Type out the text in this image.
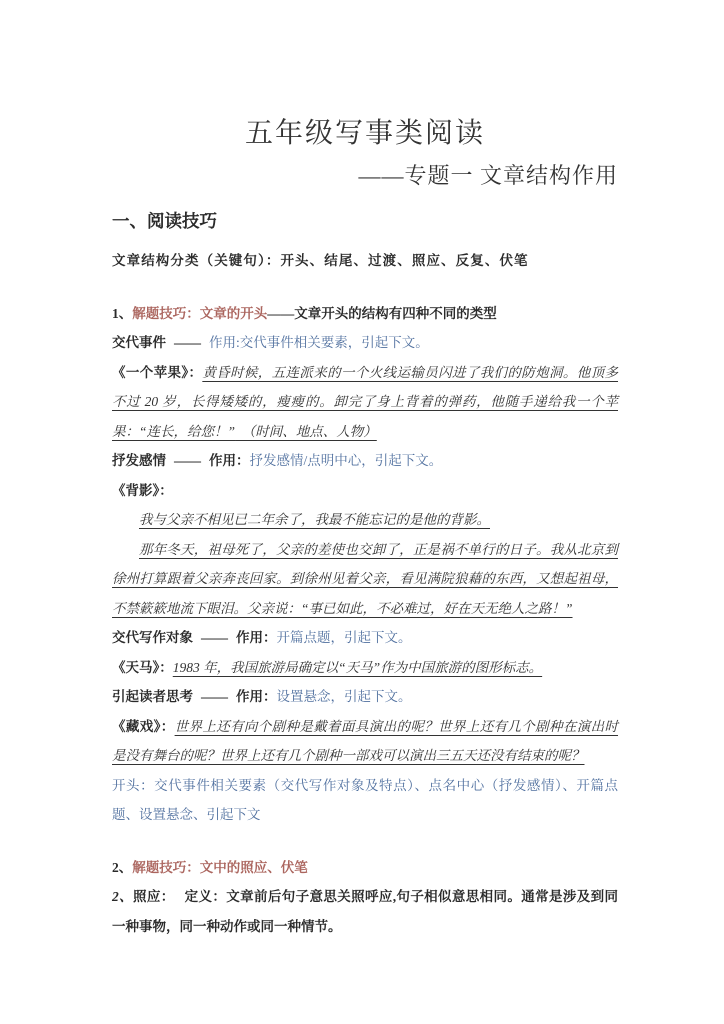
五年级写事类阅读
——专题一 文章结构作用
一、阅读技巧

文章结构分类（关键句）：开头、结尾、过渡、照应、反复、伏笔

1、解题技巧：文章的开头——文章开头的结构有四种不同的类型

交代事件 —— 作用:交代事件相关要素，引起下文。

《一个苹果》：黄昏时候，五连派来的一个火线运输员闪进了我们的防炮洞。他顶多不过 20 岁，长得矮矮的，瘦瘦的。卸完了身上背着的弹药，他随手递给我一个苹果：“连长，给您！”　（时间、地点、人物）

抒发感情 —— 作用：抒发感情/点明中心，引起下文。

《背影》：

我与父亲不相见已二年余了，我最不能忘记的是他的背影。

那年冬天，祖母死了，父亲的差使也交卸了，正是祸不单行的日子。我从北京到徐州打算跟着父亲奔丧回家。到徐州见着父亲，看见满院狼藉的东西，又想起祖母，不禁簌簌地流下眼泪。父亲说：“事已如此，不必难过，好在天无绝人之路！”

交代写作对象 —— 作用：开篇点题，引起下文。

《天马》：1983 年，我国旅游局确定以“天马”作为中国旅游的图形标志。

引起读者思考 —— 作用：设置悬念，引起下文。

《藏戏》：世界上还有向个剧种是戴着面具演出的呢？世界上还有几个剧种在演出时是没有舞台的呢？世界上还有几个剧种一部戏可以演出三五天还没有结束的呢？

开头：交代事件相关要素（交代写作对象及特点）、点名中心（抒发感情）、开篇点题、设置悬念、引起下文

2、解题技巧：文中的照应、伏笔

2、照应： 定义：文章前后句子意思关照呼应,句子相似意思相同。通常是涉及到同一种事物，同一种动作或同一种情节。
